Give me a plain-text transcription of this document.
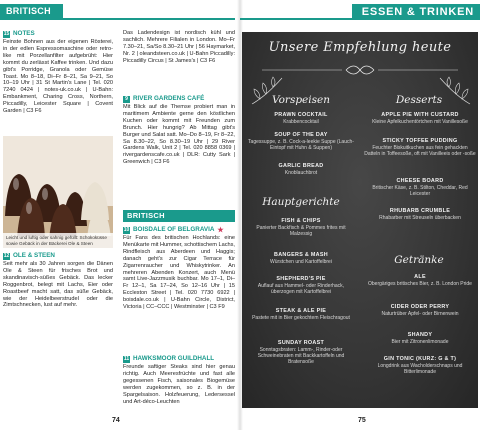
BRITISCH
15 NOTES

Feinste Bohnen aus der eigenen Rösterei, in der edlen Espressomaschine oder retro-like mit Porzellanfilter aufgebrüht: Hier kommt du zerlässt Kaffee trinken. Und dazu gibt's Porridge, Granola oder Gemüse Toast. Mo 8–18, Di–Fr 8–21, Sa 9–21, So 10–19 Uhr | 31 St Martin's Lane | Tel. 020 7240 0424 | notes-uk.co.uk | U-Bahn: Embankment, Charing Cross, Northern, Piccadilly, Leicester Square | Covent Garden | C3 F6

Leicht und luftig oder sahnig gefüllt: Schokoküsse sowie Gebäck in der Bäckerei Ole & Steen
12 OLE & STEEN

Seit mehr als 30 Jahren sorgen die Dänen Ole & Steen für frisches Brot und skandinavisch-süßes Gebäck. Das lecker Roggenbrot, belegt mit Lachs, Eier oder Roastbeef macht satt, das süße Gebäck, wie der Heidelbeerstrudel oder die Zimtschnecken, lust auf mehr.

Das Ladendesign ist nordisch kühl und sachlich. Mehrere Filialen in London. Mo–Fr 7.30–21, Sa/So 8.30–21 Uhr | 56 Haymarket, Nr. 2 | oleandsteen.co.uk | U-Bahn Piccadilly: Piccadilly Circus | St James's | C3 F6

9 RIVER GARDENS CAFÉ

Mit Blick auf die Themse probiert man in maritimem Ambiente gerne den köstlichen Kuchen oder kommt mit Freunden zum Brunch. Hier hungrig? Ab Mittag gibt's Burger und Salat satt. Mo–Do 8–19, Fr 8–22, Sa 8.30–22, So 8.30–19 Uhr | 29 River Gardens Walk, Unit 2 | Tel. 020 8858 0369 | rivergardenscafe.co.uk | DLR: Cutty Sark | Greenwich | C3 F6

BRITISCH
10 BOISDALE OF BELGRAVIA ★

Für Fans des britischen Hochlands: eine Menükarte mit Hummer, schottischem Lachs, Rindfleisch aus Aberdeen und Haggis; danach geht's zur Cigar Terrace für Zigarrenraucher und Whiskytrinker. An mehreren Abenden Konzert, auch Menü samt Live-Jazzmusik buchbar. Mo 17–1, Di–Fr 12–1, Sa 17–24, So 12–16 Uhr | 15 Eccleston Street | Tel. 020 7730 6922 | boisdale.co.uk | U-Bahn Circle, District, Victoria | CC–CCC | Westminster | C3 F9

11 HAWKSMOOR GUILDHALL

Freunde saftiger Steaks sind hier genau richtig. Auch Meeresfrüchte und fast alle gegessenen Fisch, saisonales Biogemüse werden zugekommen, so z. B. in der Spargelsaison. Holzfeuerung, Ledersessel und Art-déco-Leuchten

74
ESSEN & TRINKEN
Unsere Empfehlung heute
Vorspeisen
PRAWN COCKTAIL
Krabbencocktail
SOUP OF THE DAY
Tagessuppe, z. B. Cock-a-leekie Suppe (Lauch-Eintopf mit Huhn & Suppen)
GARLIC BREAD
Knoblauchbrot
Desserts
APPLE PIE WITH CUSTARD
Kleine Apfelkuchentörtchen mit Vanillesoße
STICKY TOFFEE PUDDING
Feuchter Biskuitkuchen aus fein gehackten Datteln in Toffeesoße, oft mit Vanilleeis oder -soße
CHEESE BOARD
Britischer Käse, z. B. Stilton, Cheddar, Red Leicester
RHUBARB CRUMBLE
Rhabarber mit Streuseln überbacken
Hauptgerichte
FISH & CHIPS
Panierter Backfisch & Pommes frites mit Malzessig
BANGERS & MASH
Würstchen und Kartoffelbrei
SHEPHERD'S PIE
Auflauf aus Hammel- oder Rinderhack, überzogen mit Kartoffelbrei
STEAK & ALE PIE
Pastete mit in Bier gekochtem Fleischragout
SUNDAY ROAST
Sonntagsbraten: Lamm-, Rinder-oder Schweinebraten mit Backkartoffeln und Bratensoße
Getränke
ALE
Obergäriges britisches Bier, z. B. London Pride
CIDER ODER PERRY
Naturtrüber Apfel- oder Birnenwein
SHANDY
Bier mit Zitronenlimonade
GIN TONIC (KURZ: G & T)
Longdrink aus Wacholderschnaps und Bitterlimonade
75
